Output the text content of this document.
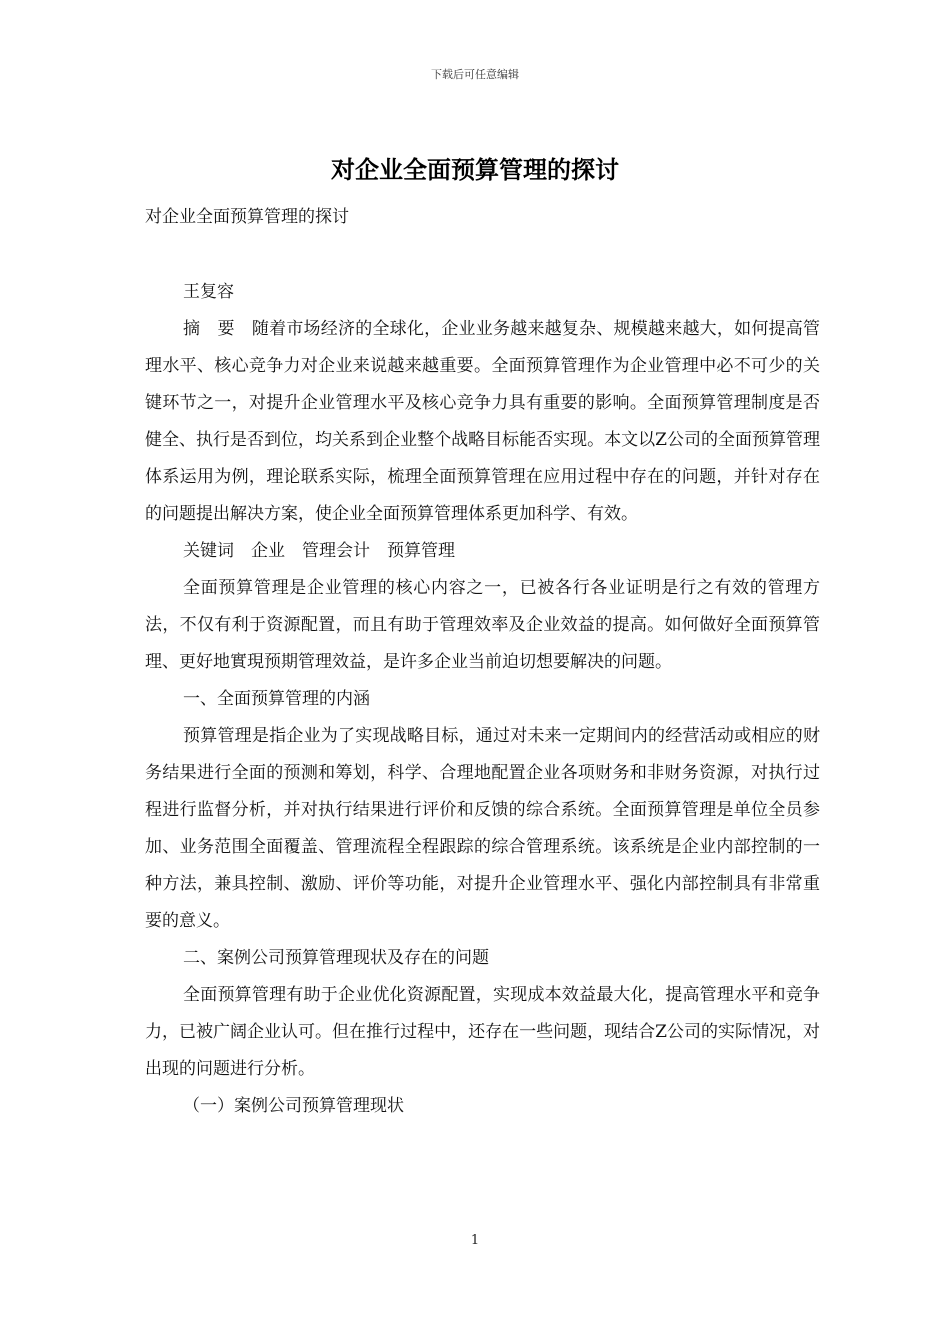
下载后可任意编辑
对企业全面预算管理的探讨

对企业全面预算管理的探讨

王复容

摘　要　随着市场经济的全球化，企业业务越来越复杂、规模越来越大，如何提高管理水平、核心竞争力对企业来说越来越重要。全面预算管理作为企业管理中必不可少的关键环节之一，对提升企业管理水平及核心竞争力具有重要的影响。全面预算管理制度是否健全、执行是否到位，均关系到企业整个战略目标能否实现。本文以Z公司的全面预算管理体系运用为例，理论联系实际，梳理全面预算管理在应用过程中存在的问题，并针对存在的问题提出解决方案，使企业全面预算管理体系更加科学、有效。

关键词　企业　管理会计　预算管理

全面预算管理是企业管理的核心内容之一，已被各行各业证明是行之有效的管理方法，不仅有利于资源配置，而且有助于管理效率及企业效益的提高。如何做好全面预算管理、更好地實現预期管理效益，是许多企业当前迫切想要解决的问题。

一、全面预算管理的内涵

预算管理是指企业为了实现战略目标，通过对未来一定期间内的经营活动或相应的财务结果进行全面的预测和筹划，科学、合理地配置企业各项财务和非财务资源，对执行过程进行监督分析，并对执行结果进行评价和反馈的综合系统。全面预算管理是单位全员参加、业务范围全面覆盖、管理流程全程跟踪的综合管理系统。该系统是企业内部控制的一种方法，兼具控制、激励、评价等功能，对提升企业管理水平、强化内部控制具有非常重要的意义。

二、案例公司预算管理现状及存在的问题

全面预算管理有助于企业优化资源配置，实现成本效益最大化，提高管理水平和竞争力，已被广阔企业认可。但在推行过程中，还存在一些问题，现结合Z公司的实际情况，对出现的问题进行分析。

（一）案例公司预算管理现状

1
